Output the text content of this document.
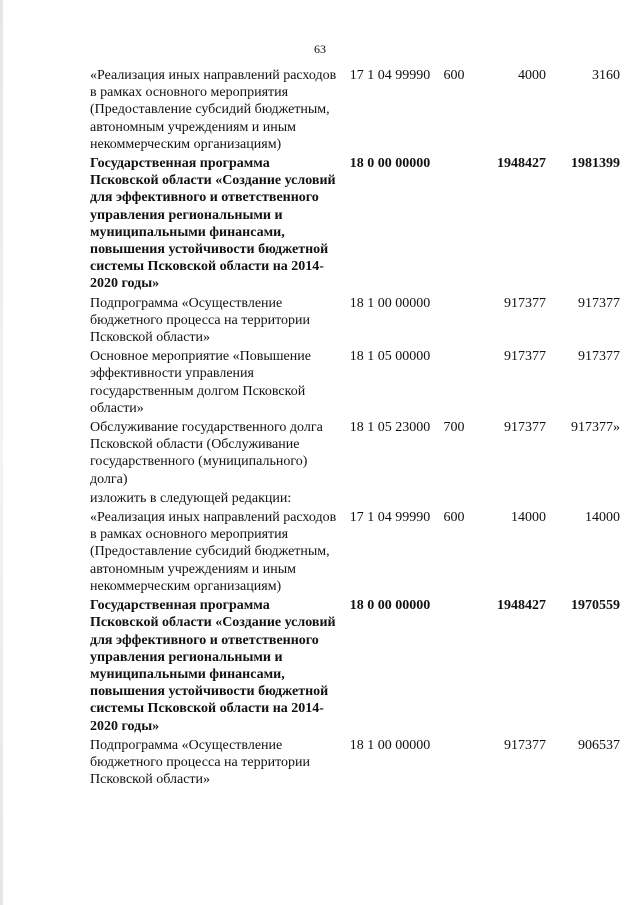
63
«Реализация иных направлений расходов в рамках основного мероприятия (Предоставление субсидий бюджетным, автономным учреждениям и иным некоммерческим организациям)
17 1 04 99990 600	4000	3160
Государственная программа Псковской области «Создание условий для эффективного и ответственного управления региональными и муниципальными финансами, повышения устойчивости бюджетной системы Псковской области на 2014-2020 годы»
18 0 00 00000	1948427	1981399
Подпрограмма «Осуществление бюджетного процесса на территории Псковской области»
18 1 00 00000	917377	917377
Основное мероприятие «Повышение эффективности управления государственным долгом Псковской области»
18 1 05 00000	917377	917377
Обслуживание государственного долга Псковской области (Обслуживание государственного (муниципального) долга)
18 1 05 23000 700	917377	917377»
изложить в следующей редакции:
«Реализация иных направлений расходов в рамках основного мероприятия (Предоставление субсидий бюджетным, автономным учреждениям и иным некоммерческим организациям)
17 1 04 99990 600	14000	14000
Государственная программа Псковской области «Создание условий для эффективного и ответственного управления региональными и муниципальными финансами, повышения устойчивости бюджетной системы Псковской области на 2014-2020 годы»
18 0 00 00000	1948427	1970559
Подпрограмма «Осуществление бюджетного процесса на территории Псковской области»
18 1 00 00000	917377	906537
